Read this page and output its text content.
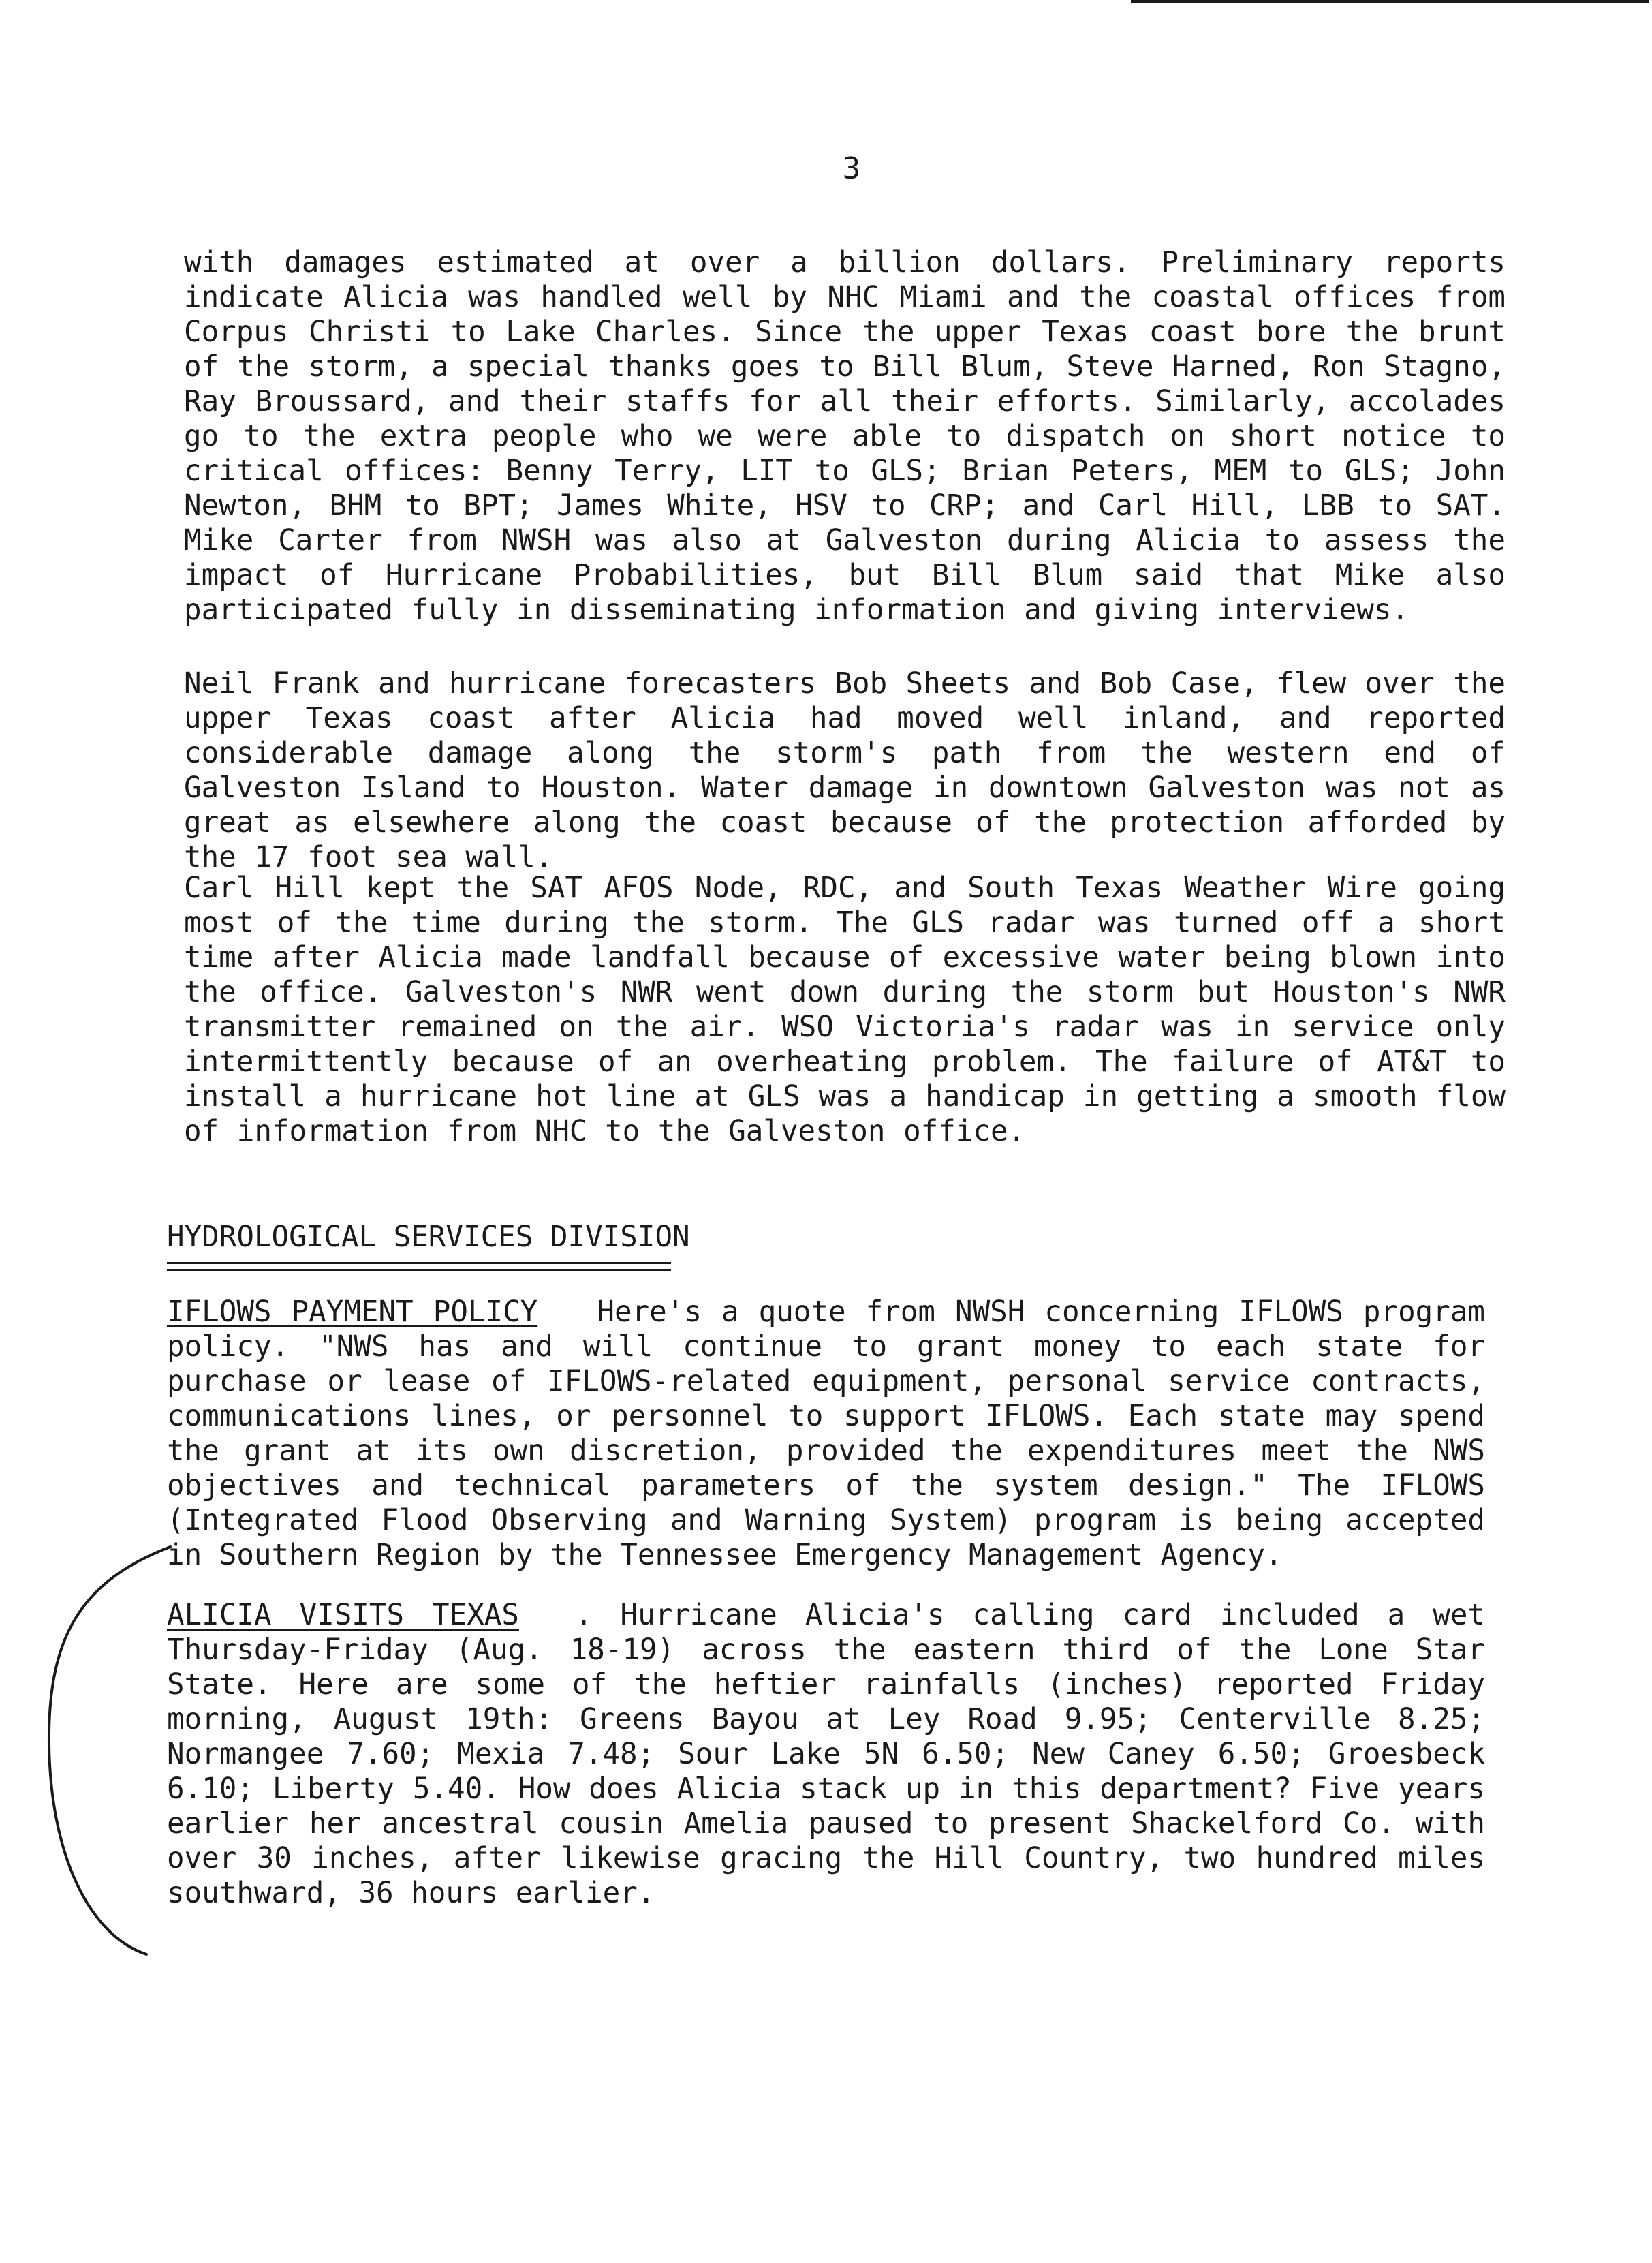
3

with damages estimated at over a billion dollars. Preliminary reports indicate Alicia was handled well by NHC Miami and the coastal offices from Corpus Christi to Lake Charles. Since the upper Texas coast bore the brunt of the storm, a special thanks goes to Bill Blum, Steve Harned, Ron Stagno, Ray Broussard, and their staffs for all their efforts. Similarly, accolades go to the extra people who we were able to dispatch on short notice to critical offices: Benny Terry, LIT to GLS; Brian Peters, MEM to GLS; John Newton, BHM to BPT; James White, HSV to CRP; and Carl Hill, LBB to SAT. Mike Carter from NWSH was also at Galveston during Alicia to assess the impact of Hurricane Probabilities, but Bill Blum said that Mike also participated fully in disseminating information and giving interviews.

Neil Frank and hurricane forecasters Bob Sheets and Bob Case, flew over the upper Texas coast after Alicia had moved well inland, and reported considerable damage along the storm's path from the western end of Galveston Island to Houston. Water damage in downtown Galveston was not as great as elsewhere along the coast because of the protection afforded by the 17 foot sea wall.

Carl Hill kept the SAT AFOS Node, RDC, and South Texas Weather Wire going most of the time during the storm. The GLS radar was turned off a short time after Alicia made landfall because of excessive water being blown into the office. Galveston's NWR went down during the storm but Houston's NWR transmitter remained on the air. WSO Victoria's radar was in service only intermittently because of an overheating problem. The failure of AT&T to install a hurricane hot line at GLS was a handicap in getting a smooth flow of information from NHC to the Galveston office.

HYDROLOGICAL SERVICES DIVISION

IFLOWS PAYMENT POLICY Here's a quote from NWSH concerning IFLOWS program policy. "NWS has and will continue to grant money to each state for purchase or lease of IFLOWS-related equipment, personal service contracts, communications lines, or personnel to support IFLOWS. Each state may spend the grant at its own discretion, provided the expenditures meet the NWS objectives and technical parameters of the system design." The IFLOWS (Integrated Flood Observing and Warning System) program is being accepted in Southern Region by the Tennessee Emergency Management Agency.

ALICIA VISITS TEXAS . Hurricane Alicia's calling card included a wet Thursday-Friday (Aug. 18-19) across the eastern third of the Lone Star State. Here are some of the heftier rainfalls (inches) reported Friday morning, August 19th: Greens Bayou at Ley Road 9.95; Centerville 8.25; Normangee 7.60; Mexia 7.48; Sour Lake 5N 6.50; New Caney 6.50; Groesbeck 6.10; Liberty 5.40. How does Alicia stack up in this department? Five years earlier her ancestral cousin Amelia paused to present Shackelford Co. with over 30 inches, after likewise gracing the Hill Country, two hundred miles southward, 36 hours earlier.
